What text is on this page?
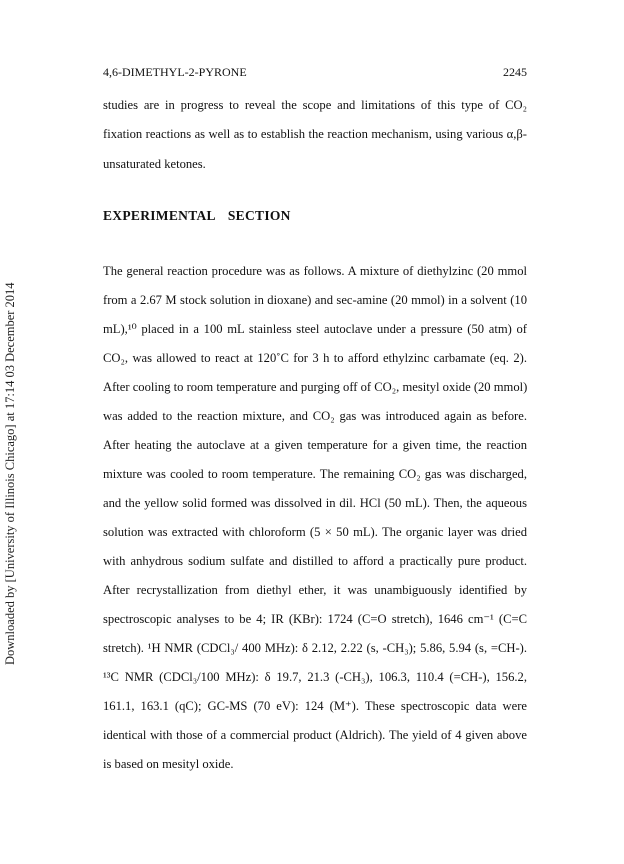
Downloaded by [University of Illinois Chicago] at 17:14 03 December 2014
4,6-DIMETHYL-2-PYRONE	2245
studies are in progress to reveal the scope and limitations of this type of CO₂
fixation reactions as well as to establish the reaction mechanism, using various α,β-
unsaturated ketones.
EXPERIMENTAL SECTION
The general reaction procedure was as follows. A mixture of diethylzinc (20 mmol
from a 2.67 M stock solution in dioxane) and sec-amine (20 mmol) in a solvent (10
mL),¹⁰ placed in a 100 mL stainless steel autoclave under a pressure (50 atm) of
CO₂, was allowed to react at 120˚C for 3 h to afford ethylzinc carbamate (eq. 2).
After cooling to room temperature and purging off of CO₂, mesityl oxide (20 mmol)
was added to the reaction mixture, and CO₂ gas was introduced again as before.
After heating the autoclave at a given temperature for a given time, the reaction
mixture was cooled to room temperature. The remaining CO₂ gas was discharged,
and the yellow solid formed was dissolved in dil. HCl (50 mL). Then, the aqueous
solution was extracted with chloroform (5 × 50 mL). The organic layer was dried
with anhydrous sodium sulfate and distilled to afford a practically pure product.
After recrystallization from diethyl ether, it was unambiguously identified by
spectroscopic analyses to be 4; IR (KBr): 1724 (C=O stretch), 1646 cm⁻¹ (C=C
stretch). ¹H NMR (CDCl₃/ 400 MHz): δ 2.12, 2.22 (s, -CH₃); 5.86, 5.94 (s, =CH-).
¹³C NMR (CDCl₃/100 MHz): δ 19.7, 21.3 (-CH₃), 106.3, 110.4 (=CH-), 156.2,
161.1, 163.1 (qC); GC-MS (70 eV): 124 (M⁺). These spectroscopic data were
identical with those of a commercial product (Aldrich). The yield of 4 given above
is based on mesityl oxide.
